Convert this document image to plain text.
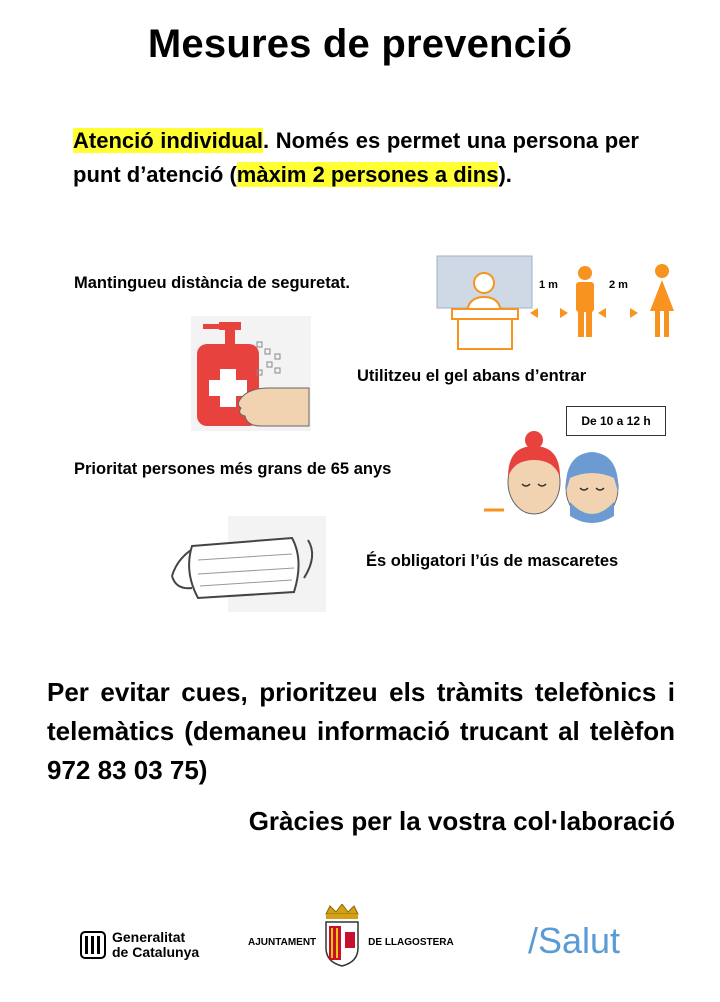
Mesures de prevenció
Atenció individual. Només es permet una persona per punt d’atenció (màxim 2 persones a dins).
Mantingueu distància de seguretat.	1 m	2 m
Utilitzeu el gel abans d’entrar
Prioritat persones més grans de 65 anys
De 10 a 12 h
És obligatori l’ús de mascaretes
Per evitar cues, prioritzeu els tràmits telefònics i telemàtics (demaneu informació trucant al telèfon 972 83 03 75)
Gràcies per la vostra col·laboració
Generalitat
de Catalunya
AJUNTAMENT	DE LLAGOSTERA /Salut
